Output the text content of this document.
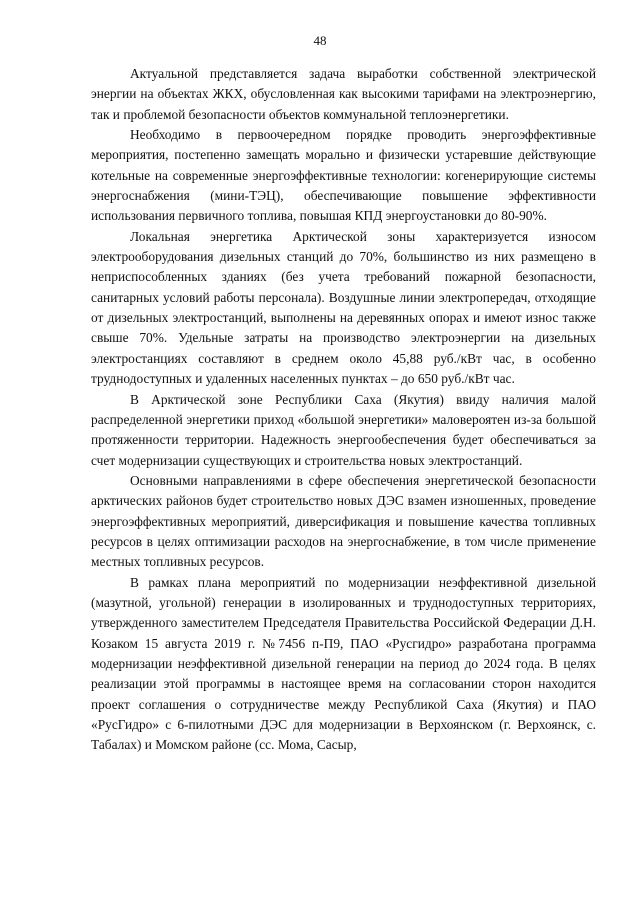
48

Актуальной представляется задача выработки собственной электрической энергии на объектах ЖКХ, обусловленная как высокими тарифами на электроэнергию, так и проблемой безопасности объектов коммунальной теплоэнергетики.

Необходимо в первоочередном порядке проводить энергоэффективные мероприятия, постепенно замещать морально и физически устаревшие действующие котельные на современные энергоэффективные технологии: когенерирующие системы энергоснабжения (мини-ТЭЦ), обеспечивающие повышение эффективности использования первичного топлива, повышая КПД энергоустановки до 80-90%.

Локальная энергетика Арктической зоны характеризуется износом электрооборудования дизельных станций до 70%, большинство из них размещено в неприспособленных зданиях (без учета требований пожарной безопасности, санитарных условий работы персонала). Воздушные линии электропередач, отходящие от дизельных электростанций, выполнены на деревянных опорах и имеют износ также свыше 70%. Удельные затраты на производство электроэнергии на дизельных электростанциях составляют в среднем около 45,88 руб./кВт час, в особенно труднодоступных и удаленных населенных пунктах – до 650 руб./кВт час.

В Арктической зоне Республики Саха (Якутия) ввиду наличия малой распределенной энергетики приход «большой энергетики» маловероятен из-за большой протяженности территории. Надежность энергообеспечения будет обеспечиваться за счет модернизации существующих и строительства новых электростанций.

Основными направлениями в сфере обеспечения энергетической безопасности арктических районов будет строительство новых ДЭС взамен изношенных, проведение энергоэффективных мероприятий, диверсификация и повышение качества топливных ресурсов в целях оптимизации расходов на энергоснабжение, в том числе применение местных топливных ресурсов.

В рамках плана мероприятий по модернизации неэффективной дизельной (мазутной, угольной) генерации в изолированных и труднодоступных территориях, утвержденного заместителем Председателя Правительства Российской Федерации Д.Н. Козаком 15 августа 2019 г. №7456 п-П9, ПАО «Русгидро» разработана программа модернизации неэффективной дизельной генерации на период до 2024 года. В целях реализации этой программы в настоящее время на согласовании сторон находится проект соглашения о сотрудничестве между Республикой Саха (Якутия) и ПАО «РусГидро» с 6-пилотными ДЭС для модернизации в Верхоянском (г. Верхоянск, с. Табалах) и Момском районе (сс. Мома, Сасыр,
